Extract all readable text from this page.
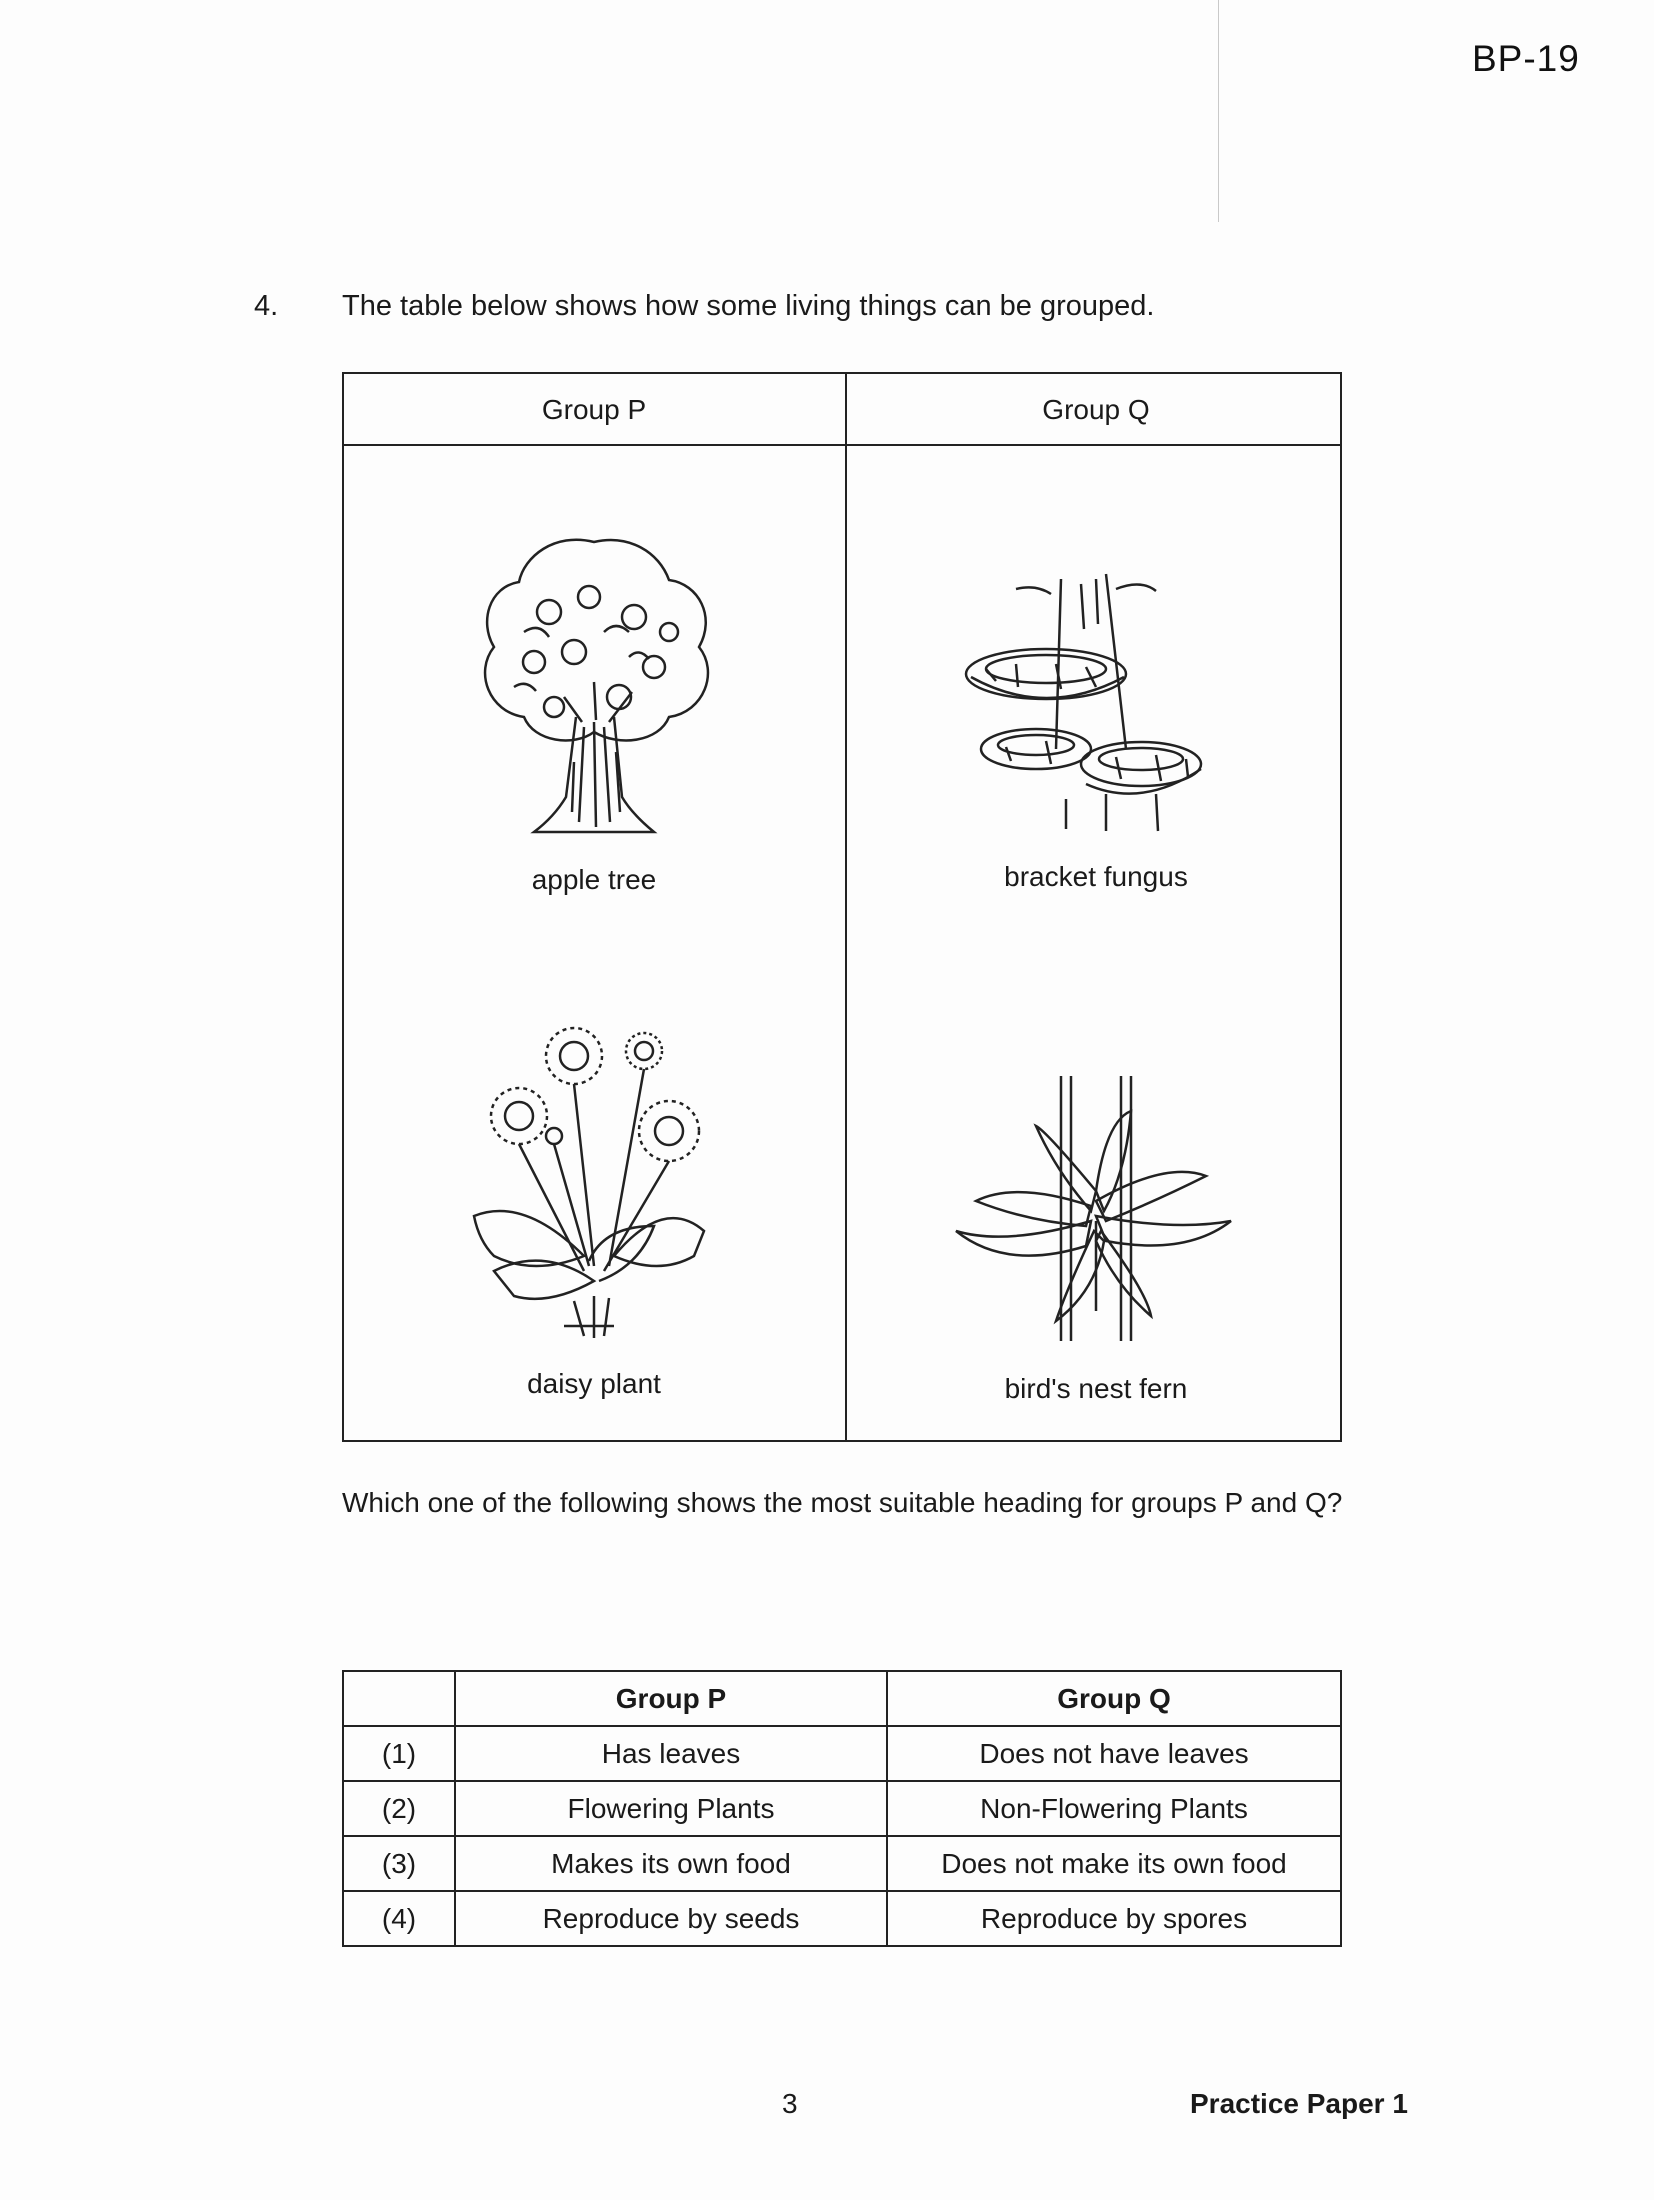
BP-19
4. The table below shows how some living things can be grouped.
Group P	Group Q
apple tree	bracket fungus
daisy plant	bird's nest fern
Which one of the following shows the most suitable heading for groups P and Q?
	Group P	Group Q
(1)	Has leaves	Does not have leaves
(2)	Flowering Plants	Non-Flowering Plants
(3)	Makes its own food	Does not make its own food
(4)	Reproduce by seeds	Reproduce by spores
3	Practice Paper 1
